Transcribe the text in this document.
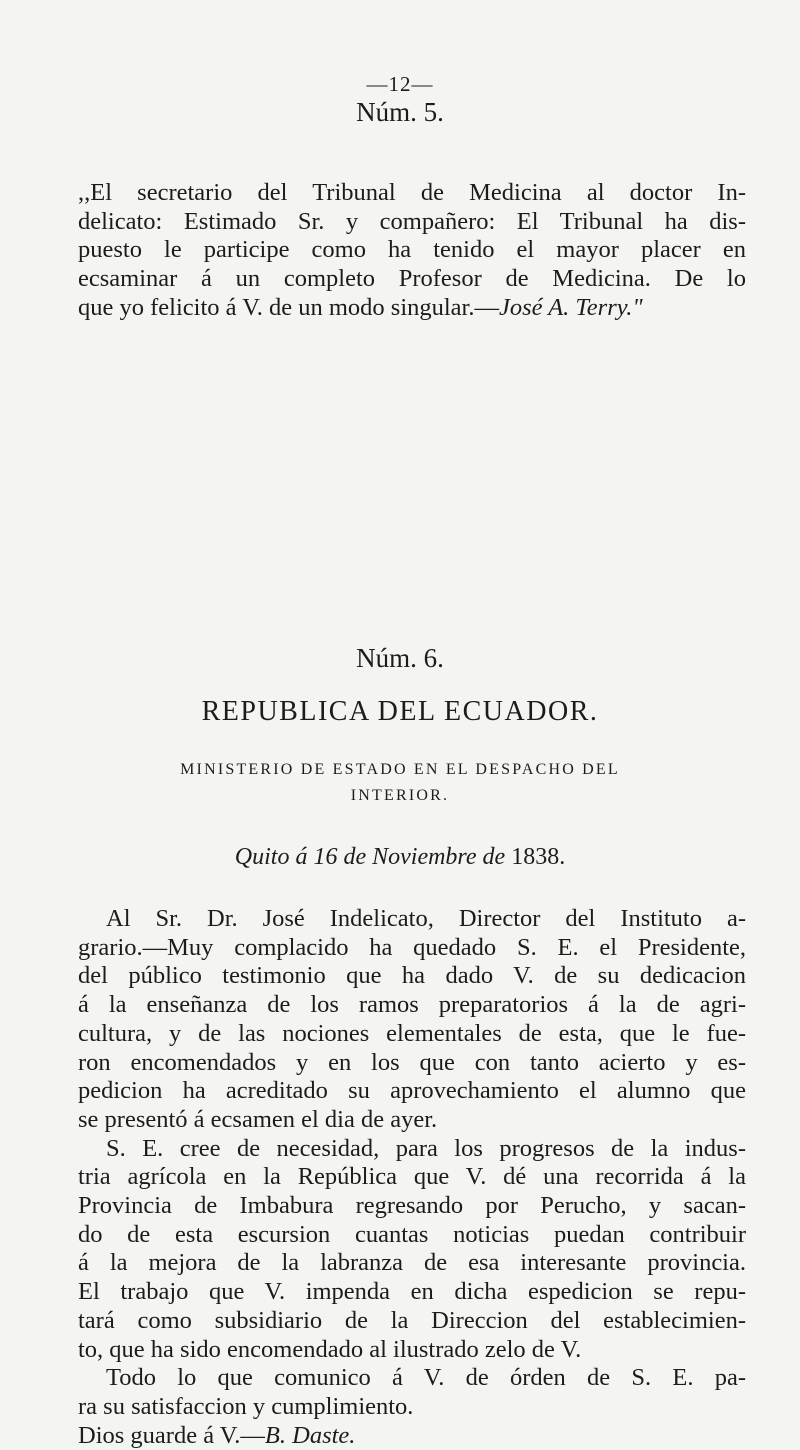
—12—
Núm. 5.
,,El secretario del Tribunal de Medicina al doctor In-
delicato: Estimado Sr. y compañero: El Tribunal ha dis-
puesto le participe como ha tenido el mayor placer en
ecsaminar á un completo Profesor de Medicina. De lo
que yo felicito á V. de un modo singular.—José A. Terry."
Núm. 6.
REPUBLICA DEL ECUADOR.
MINISTERIO DE ESTADO EN EL DESPACHO DEL
INTERIOR.
Quito á 16 de Noviembre de 1838.
Al Sr. Dr. José Indelicato, Director del Instituto a-
grario.—Muy complacido ha quedado S. E. el Presidente,
del público testimonio que ha dado V. de su dedicacion
á la enseñanza de los ramos preparatorios á la de agri-
cultura, y de las nociones elementales de esta, que le fue-
ron encomendados y en los que con tanto acierto y es-
pedicion ha acreditado su aprovechamiento el alumno que
se presentó á ecsamen el dia de ayer.
S. E. cree de necesidad, para los progresos de la indus-
tria agrícola en la República que V. dé una recorrida á la
Provincia de Imbabura regresando por Perucho, y sacan-
do de esta escursion cuantas noticias puedan contribuir
á la mejora de la labranza de esa interesante provincia.
El trabajo que V. impenda en dicha espedicion se repu-
tará como subsidiario de la Direccion del establecimien-
to, que ha sido encomendado al ilustrado zelo de V.
Todo lo que comunico á V. de órden de S. E. pa-
ra su satisfaccion y cumplimiento.
Dios guarde á V.—B. Daste.
